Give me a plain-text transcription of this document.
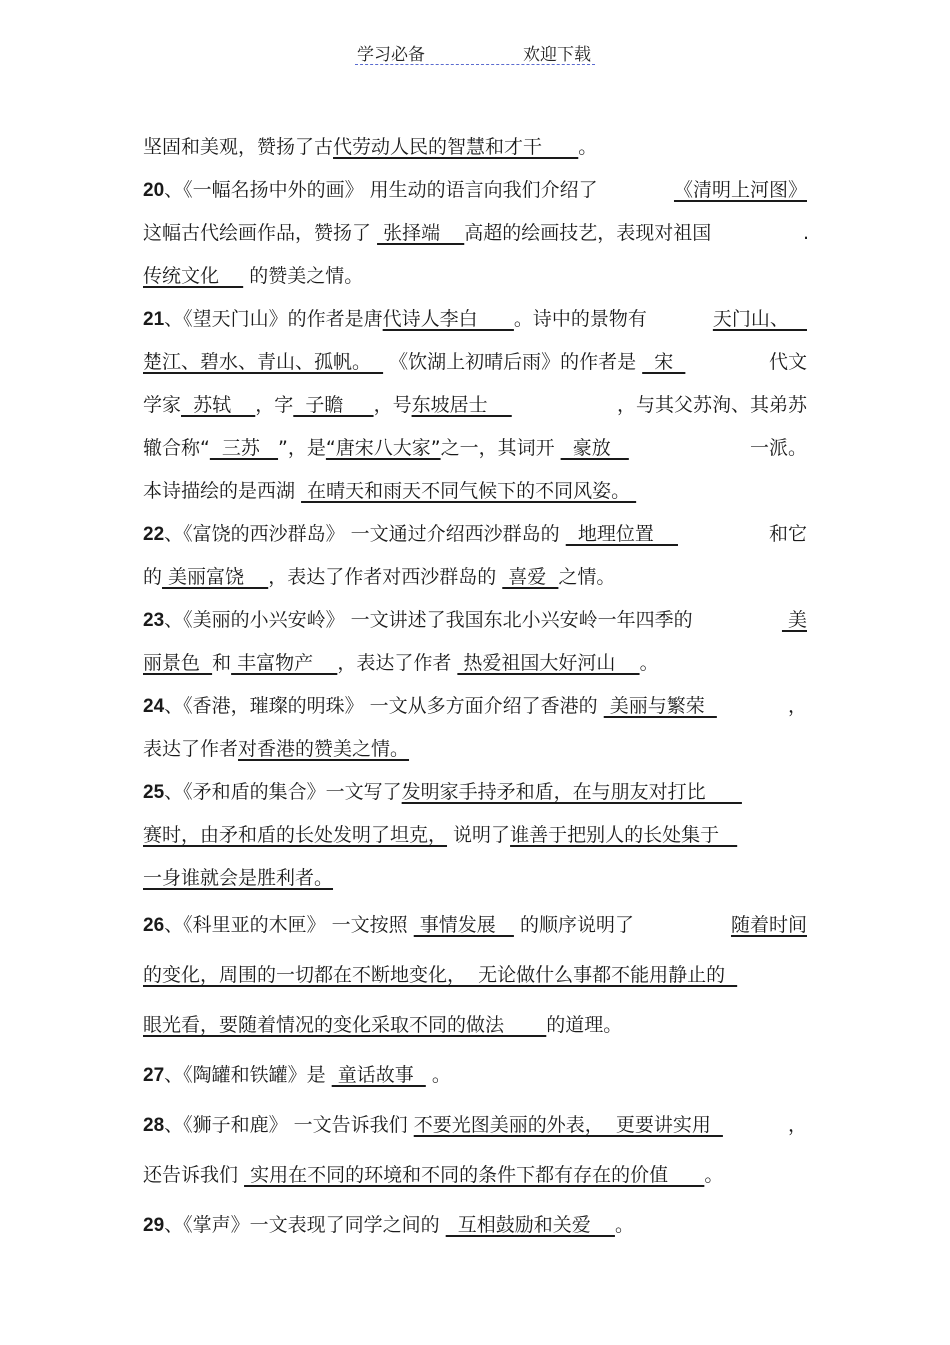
学习必备	欢迎下载
坚固和美观，赞扬了古代劳动人民的智慧和才干      。
20、《一幅名扬中外的画》 用生动的语言向我们介绍了	《清明上河图》
这幅古代绘画作品，赞扬了  张择端    高超的绘画技艺，表现对祖国	.
传统文化     的赞美之情。
21、《望天门山》的作者是唐代诗人李白      。诗中的景物有	天门山、
楚江、碧水、青山、孤帆。   《饮湖上初晴后雨》的作者是   宋	代文
学家  苏轼    ，字  子瞻     ，号东坡居士	，与其父苏洵、其弟苏
辙合称“  三苏   ”，是“唐宋八大家”之一，其词开   豪放	一派。
本诗描绘的是西湖  在晴天和雨天不同气候下的不同风姿。
22、《富饶的西沙群岛》 一文通过介绍西沙群岛的   地理位置	和它
的 美丽富饶    ，表达了作者对西沙群岛的  喜爱  之情。
23、《美丽的小兴安岭》 一文讲述了我国东北小兴安岭一年四季的	美
丽景色  和 丰富物产    ，表达了作者  热爱祖国大好河山    。
24、《香港，璀璨的明珠》 一文从多方面介绍了香港的  美丽与繁荣	，
表达了作者对香港的赞美之情。
25、《矛和盾的集合》一文写了发明家手持矛和盾，在与朋友对打比
赛时，由矛和盾的长处发明了坦克， 说明了谁善于把别人的长处集于
一身谁就会是胜利者。
26、《科里亚的木匣》 一文按照  事情发展    的顺序说明了	随着时间
的变化，周围的一切都在不断地变化，  无论做什么事都不能用静止的
眼光看，要随着情况的变化采取不同的做法       的道理。
27、《陶罐和铁罐》是  童话故事   。
28、《狮子和鹿》 一文告诉我们 不要光图美丽的外表，  更要讲实用	，
还告诉我们  实用在不同的环境和不同的条件下都有存在的价值      。
29、《掌声》一文表现了同学之间的   互相鼓励和关爱    。
